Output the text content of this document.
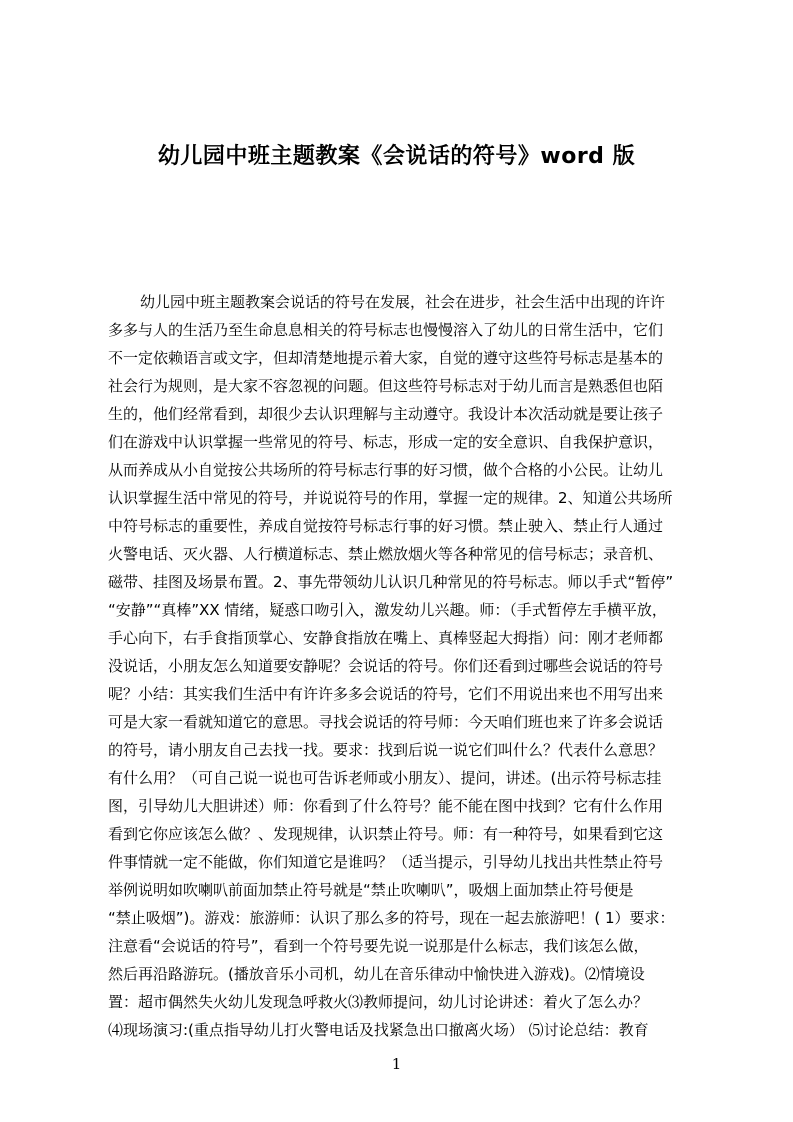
幼儿园中班主题教案《会说话的符号》word 版
幼儿园中班主题教案会说话的符号在发展，社会在进步，社会生活中出现的许许
多多与人的生活乃至生命息息相关的符号标志也慢慢溶入了幼儿的日常生活中，它们
不一定依赖语言或文字，但却清楚地提示着大家，自觉的遵守这些符号标志是基本的
社会行为规则，是大家不容忽视的问题。但这些符号标志对于幼儿而言是熟悉但也陌
生的，他们经常看到，却很少去认识理解与主动遵守。我设计本次活动就是要让孩子
们在游戏中认识掌握一些常见的符号、标志，形成一定的安全意识、自我保护意识，
从而养成从小自觉按公共场所的符号标志行事的好习惯，做个合格的小公民。让幼儿
认识掌握生活中常见的符号，并说说符号的作用，掌握一定的规律。2、知道公共场所
中符号标志的重要性，养成自觉按符号标志行事的好习惯。禁止驶入、禁止行人通过
火警电话、灭火器、人行横道标志、禁止燃放烟火等各种常见的信号标志；录音机、
磁带、挂图及场景布置。2、事先带领幼儿认识几种常见的符号标志。师以手式“暂停”
“安静”“真棒”XX 情绪，疑惑口吻引入，激发幼儿兴趣。师：（手式暂停左手横平放，
手心向下，右手食指顶掌心、安静食指放在嘴上、真棒竖起大拇指）问：刚才老师都
没说话，小朋友怎么知道要安静呢？会说话的符号。你们还看到过哪些会说话的符号
呢？小结：其实我们生活中有许许多多会说话的符号，它们不用说出来也不用写出来
可是大家一看就知道它的意思。寻找会说话的符号师：今天咱们班也来了许多会说话
的符号，请小朋友自己去找一找。要求：找到后说一说它们叫什么？代表什么意思？
有什么用？（可自己说一说也可告诉老师或小朋友）、提问，讲述。(出示符号标志挂
图，引导幼儿大胆讲述）师：你看到了什么符号？能不能在图中找到？它有什么作用
看到它你应该怎么做？、发现规律，认识禁止符号。师：有一种符号，如果看到它这
件事情就一定不能做，你们知道它是谁吗？（适当提示，引导幼儿找出共性禁止符号
举例说明如吹喇叭前面加禁止符号就是“禁止吹喇叭”，吸烟上面加禁止符号便是
“禁止吸烟”)。游戏：旅游师：认识了那么多的符号，现在一起去旅游吧！( 1）要求：
注意看“会说话的符号”，看到一个符号要先说一说那是什么标志，我们该怎么做，
然后再沿路游玩。(播放音乐小司机，幼儿在音乐律动中愉快进入游戏)。⑵情境设
置：超市偶然失火幼儿发现急呼救火⑶教师提问，幼儿讨论讲述：着火了怎么办？
⑷现场演习:(重点指导幼儿打火警电话及找紧急出口撤离火场） ⑸讨论总结：教育
1
